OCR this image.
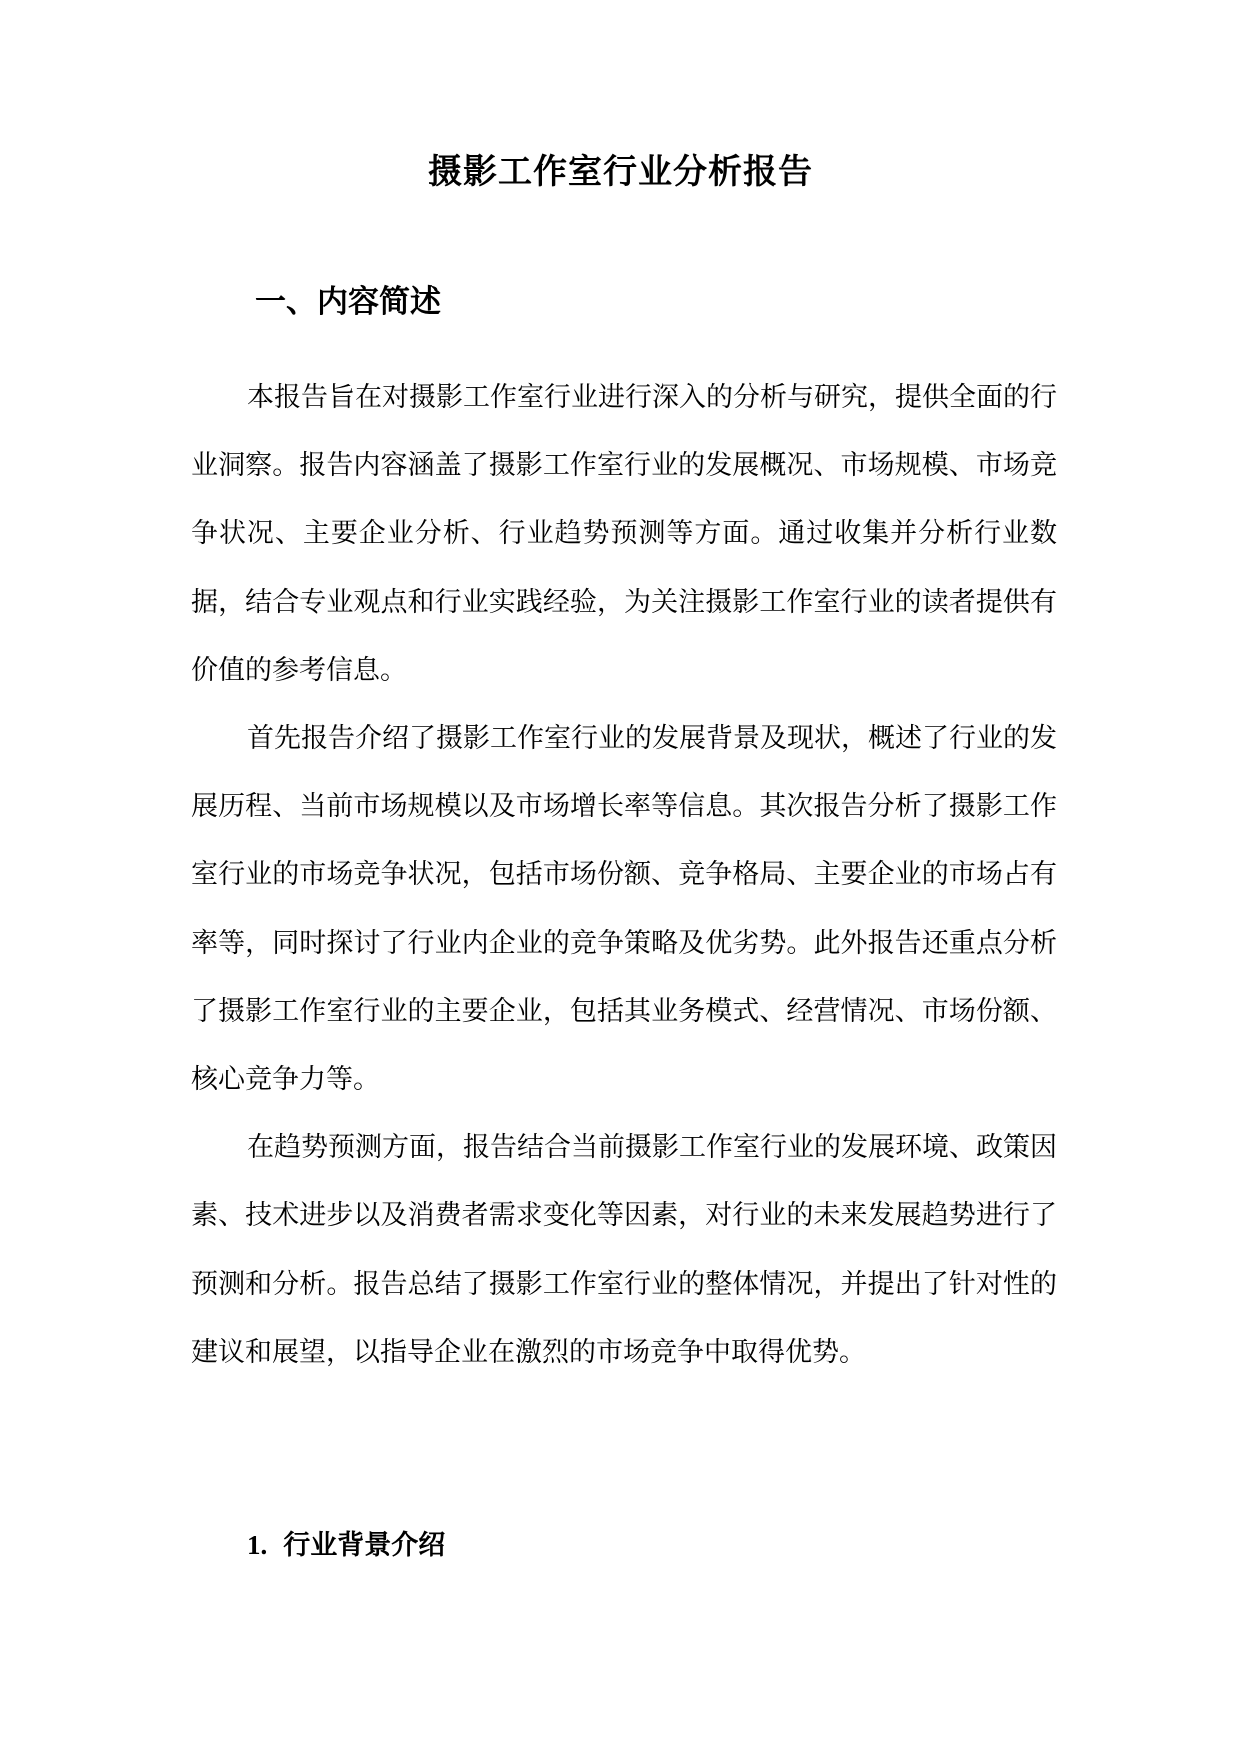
摄影工作室行业分析报告
一、内容简述

本报告旨在对摄影工作室行业进行深入的分析与研究，提供全面的行业洞察。报告内容涵盖了摄影工作室行业的发展概况、市场规模、市场竞争状况、主要企业分析、行业趋势预测等方面。通过收集并分析行业数据，结合专业观点和行业实践经验，为关注摄影工作室行业的读者提供有价值的参考信息。

首先报告介绍了摄影工作室行业的发展背景及现状，概述了行业的发展历程、当前市场规模以及市场增长率等信息。其次报告分析了摄影工作室行业的市场竞争状况，包括市场份额、竞争格局、主要企业的市场占有率等，同时探讨了行业内企业的竞争策略及优劣势。此外报告还重点分析了摄影工作室行业的主要企业，包括其业务模式、经营情况、市场份额、核心竞争力等。

在趋势预测方面，报告结合当前摄影工作室行业的发展环境、政策因素、技术进步以及消费者需求变化等因素，对行业的未来发展趋势进行了预测和分析。报告总结了摄影工作室行业的整体情况，并提出了针对性的建议和展望，以指导企业在激烈的市场竞争中取得优势。

1. 行业背景介绍
